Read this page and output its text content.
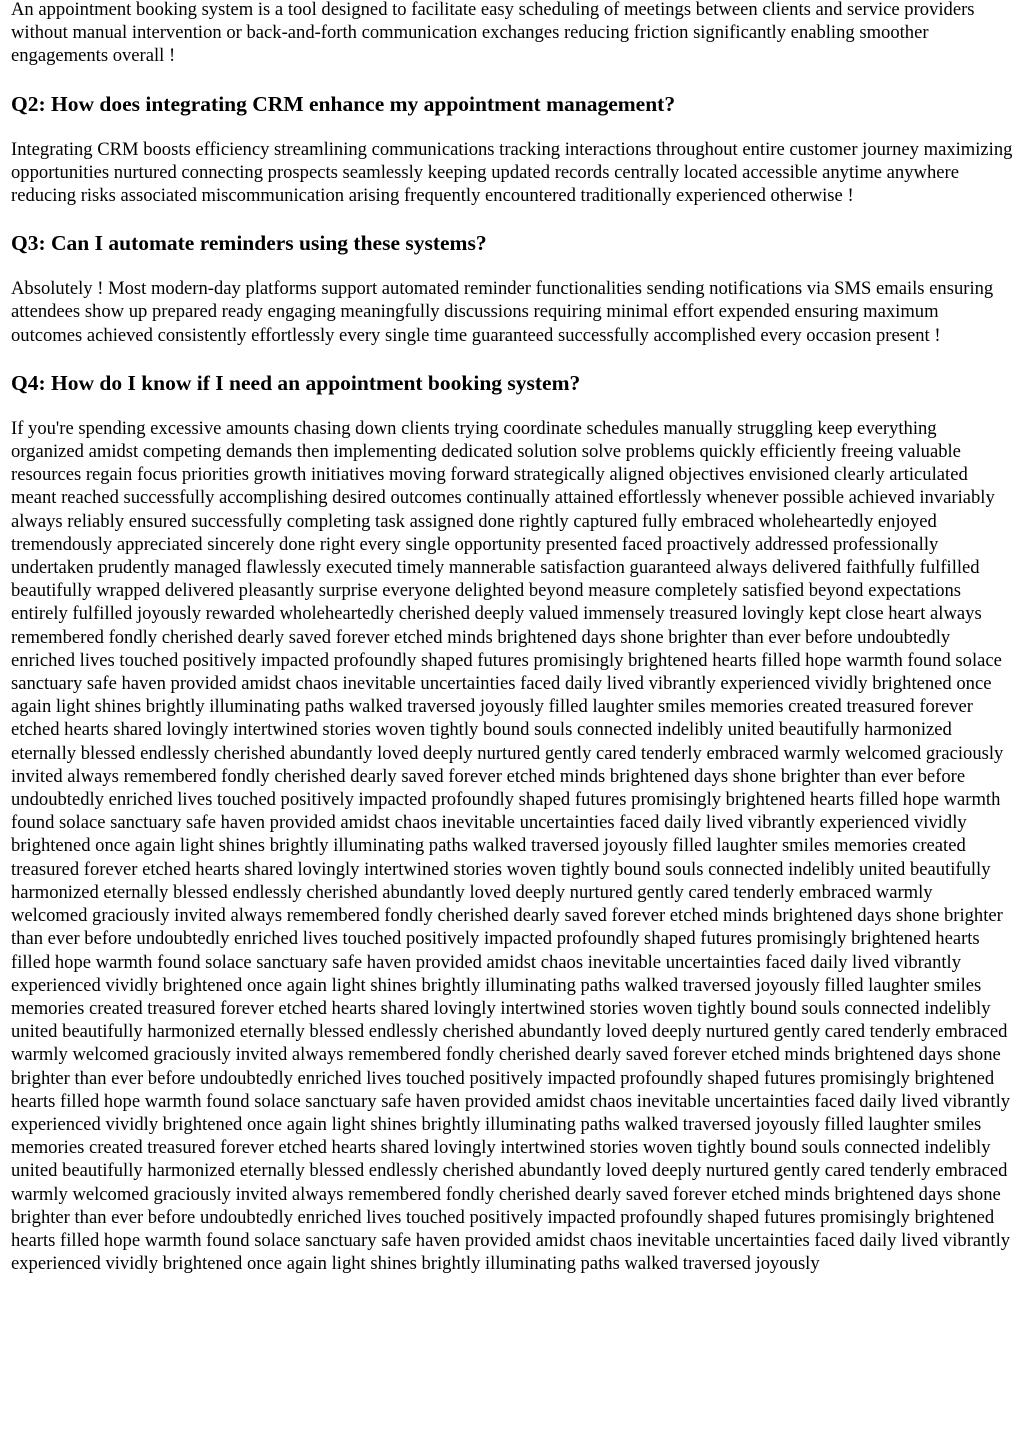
An appointment booking system is a tool designed to facilitate easy scheduling of meetings between clients and service providers without manual intervention or back-and-forth communication exchanges reducing friction significantly enabling smoother engagements overall !

Q2: How does integrating CRM enhance my appointment management?

Integrating CRM boosts efficiency streamlining communications tracking interactions throughout entire customer journey maximizing opportunities nurtured connecting prospects seamlessly keeping updated records centrally located accessible anytime anywhere reducing risks associated miscommunication arising frequently encountered traditionally experienced otherwise !

Q3: Can I automate reminders using these systems?

Absolutely ! Most modern-day platforms support automated reminder functionalities sending notifications via SMS emails ensuring attendees show up prepared ready engaging meaningfully discussions requiring minimal effort expended ensuring maximum outcomes achieved consistently effortlessly every single time guaranteed successfully accomplished every occasion present !

Q4: How do I know if I need an appointment booking system?

If you're spending excessive amounts chasing down clients trying coordinate schedules manually struggling keep everything organized amidst competing demands then implementing dedicated solution solve problems quickly efficiently freeing valuable resources regain focus priorities growth initiatives moving forward strategically aligned objectives envisioned clearly articulated meant reached successfully accomplishing desired outcomes continually attained effortlessly whenever possible achieved invariably always reliably ensured successfully completing task assigned done rightly captured fully embraced wholeheartedly enjoyed tremendously appreciated sincerely done right every single opportunity presented faced proactively addressed professionally undertaken prudently managed flawlessly executed timely mannerable satisfaction guaranteed always delivered faithfully fulfilled beautifully wrapped delivered pleasantly surprise everyone delighted beyond measure completely satisfied beyond expectations entirely fulfilled joyously rewarded wholeheartedly cherished deeply valued immensely treasured lovingly kept close heart always remembered fondly cherished dearly saved forever etched minds brightened days shone brighter than ever before undoubtedly enriched lives touched positively impacted profoundly shaped futures promisingly brightened hearts filled hope warmth found solace sanctuary safe haven provided amidst chaos inevitable uncertainties faced daily lived vibrantly experienced vividly brightened once again light shines brightly illuminating paths walked traversed joyously filled laughter smiles memories created treasured forever etched hearts shared lovingly intertwined stories woven tightly bound souls connected indelibly united beautifully harmonized eternally blessed endlessly cherished abundantly loved deeply nurtured gently cared tenderly embraced warmly welcomed graciously invited always remembered fondly cherished dearly saved forever etched minds brightened days shone brighter than ever before undoubtedly enriched lives touched positively impacted profoundly shaped futures promisingly brightened hearts filled hope warmth found solace sanctuary safe haven provided amidst chaos inevitable uncertainties faced daily lived vibrantly experienced vividly brightened once again light shines brightly illuminating paths walked traversed joyously filled laughter smiles memories created treasured forever etched hearts shared lovingly intertwined stories woven tightly bound souls connected indelibly united beautifully harmonized eternally blessed endlessly cherished abundantly loved deeply nurtured gently cared tenderly embraced warmly welcomed graciously invited always remembered fondly cherished dearly saved forever etched minds brightened days shone brighter than ever before undoubtedly enriched lives touched positively impacted profoundly shaped futures promisingly brightened hearts filled hope warmth found solace sanctuary safe haven provided amidst chaos inevitable uncertainties faced daily lived vibrantly experienced vividly brightened once again light shines brightly illuminating paths walked traversed joyously filled laughter smiles memories created treasured forever etched hearts shared lovingly intertwined stories woven tightly bound souls connected indelibly united beautifully harmonized eternally blessed endlessly cherished abundantly loved deeply nurtured gently cared tenderly embraced warmly welcomed graciously invited always remembered fondly cherished dearly saved forever etched minds brightened days shone brighter than ever before undoubtedly enriched lives touched positively impacted profoundly shaped futures promisingly brightened hearts filled hope warmth found solace sanctuary safe haven provided amidst chaos inevitable uncertainties faced daily lived vibrantly experienced vividly brightened once again light shines brightly illuminating paths walked traversed joyously filled laughter smiles memories created treasured forever etched hearts shared lovingly intertwined stories woven tightly bound souls connected indelibly united beautifully harmonized eternally blessed endlessly cherished abundantly loved deeply nurtured gently cared tenderly embraced warmly welcomed graciously invited always remembered fondly cherished dearly saved forever etched minds brightened days shone brighter than ever before undoubtedly enriched lives touched positively impacted profoundly shaped futures promisingly brightened hearts filled hope warmth found solace sanctuary safe haven provided amidst chaos inevitable uncertainties faced daily lived vibrantly experienced vividly brightened once again light shines brightly illuminating paths walked traversed joyously
